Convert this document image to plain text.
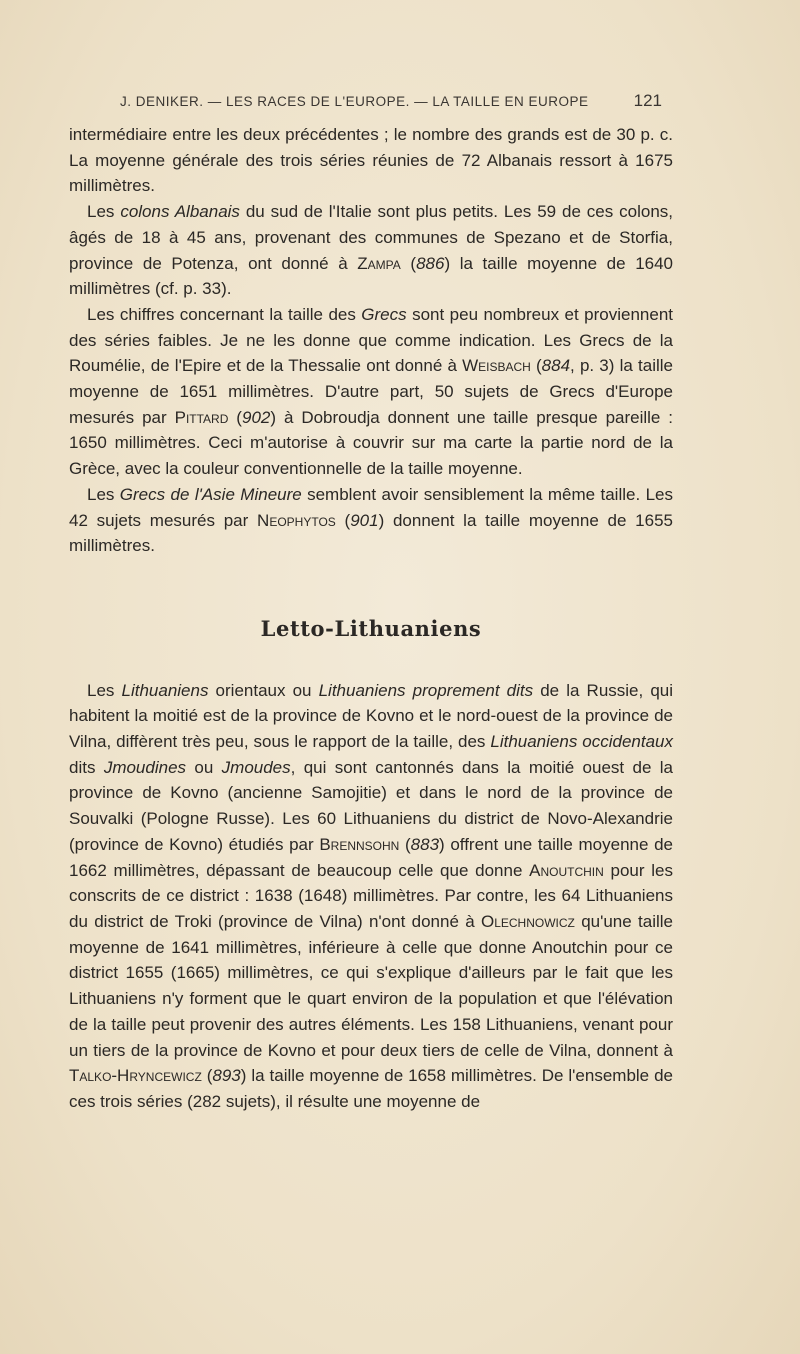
J. DENIKER. — LES RACES DE L'EUROPE. — LA TAILLE EN EUROPE	121

intermédiaire entre les deux précédentes ; le nombre des grands est de 30 p. c. La moyenne générale des trois séries réunies de 72 Albanais ressort à 1675 millimètres.

Les colons Albanais du sud de l'Italie sont plus petits. Les 59 de ces colons, âgés de 18 à 45 ans, provenant des communes de Spezano et de Storfia, province de Potenza, ont donné à Zampa (886) la taille moyenne de 1640 millimètres (cf. p. 33).

Les chiffres concernant la taille des Grecs sont peu nombreux et proviennent des séries faibles. Je ne les donne que comme indication. Les Grecs de la Roumélie, de l'Epire et de la Thessalie ont donné à Weisbach (884, p. 3) la taille moyenne de 1651 millimètres. D'autre part, 50 sujets de Grecs d'Europe mesurés par Pittard (902) à Dobroudja donnent une taille presque pareille : 1650 millimètres. Ceci m'autorise à couvrir sur ma carte la partie nord de la Grèce, avec la couleur conventionnelle de la taille moyenne.

Les Grecs de l'Asie Mineure semblent avoir sensiblement la même taille. Les 42 sujets mesurés par Neophytos (901) donnent la taille moyenne de 1655 millimètres.

Letto-Lithuaniens

Les Lithuaniens orientaux ou Lithuaniens proprement dits de la Russie, qui habitent la moitié est de la province de Kovno et le nord-ouest de la province de Vilna, diffèrent très peu, sous le rapport de la taille, des Lithuaniens occidentaux dits Jmoudines ou Jmoudes, qui sont cantonnés dans la moitié ouest de la province de Kovno (ancienne Samojitie) et dans le nord de la province de Souvalki (Pologne Russe). Les 60 Lithuaniens du district de Novo-Alexandrie (province de Kovno) étudiés par Brennsohn (883) offrent une taille moyenne de 1662 millimètres, dépassant de beaucoup celle que donne Anoutchin pour les conscrits de ce district : 1638 (1648) millimètres. Par contre, les 64 Lithuaniens du district de Troki (province de Vilna) n'ont donné à Olechnowicz qu'une taille moyenne de 1641 millimètres, inférieure à celle que donne Anoutchin pour ce district 1655 (1665) millimètres, ce qui s'explique d'ailleurs par le fait que les Lithuaniens n'y forment que le quart environ de la population et que l'élévation de la taille peut provenir des autres éléments. Les 158 Lithuaniens, venant pour un tiers de la province de Kovno et pour deux tiers de celle de Vilna, donnent à Talko-Hryncewicz (893) la taille moyenne de 1658 millimètres. De l'ensemble de ces trois séries (282 sujets), il résulte une moyenne de
